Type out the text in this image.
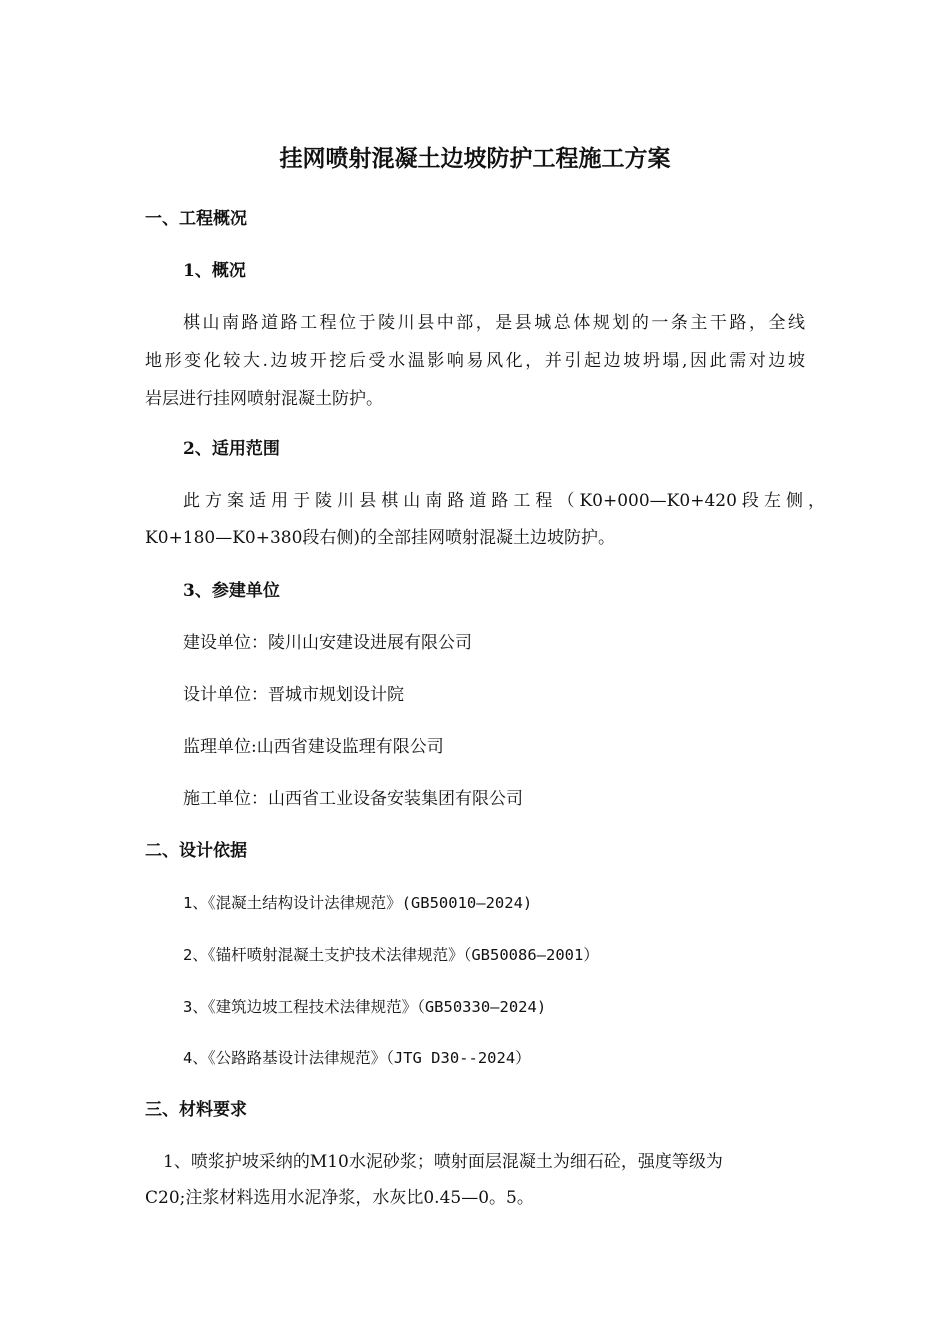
挂网喷射混凝土边坡防护工程施工方案
一、工程概况
1、概况
棋山南路道路工程位于陵川县中部，是县城总体规划的一条主干路，全线
地形变化较大.边坡开挖后受水温影响易风化，并引起边坡坍塌,因此需对边坡
岩层进行挂网喷射混凝土防护。
2、适用范围
此方案适用于陵川县棋山南路道路工程（K0+000—K0+420段左侧，
K0+180—K0+380段右侧)的全部挂网喷射混凝土边坡防护。
3、参建单位
建设单位：陵川山安建设进展有限公司
设计单位：晋城市规划设计院
监理单位:山西省建设监理有限公司
施工单位：山西省工业设备安装集团有限公司
二、设计依据
1、《混凝土结构设计法律规范》(GB50010—2024)
2、《锚杆喷射混凝土支护技术法律规范》（GB50086—2001）
3、《建筑边坡工程技术法律规范》（GB50330—2024)
4、《公路路基设计法律规范》（JTG D30--2024）
三、材料要求
1、喷浆护坡采纳的M10水泥砂浆；喷射面层混凝土为细石砼，强度等级为
C20;注浆材料选用水泥净浆，水灰比0.45—0。5。
